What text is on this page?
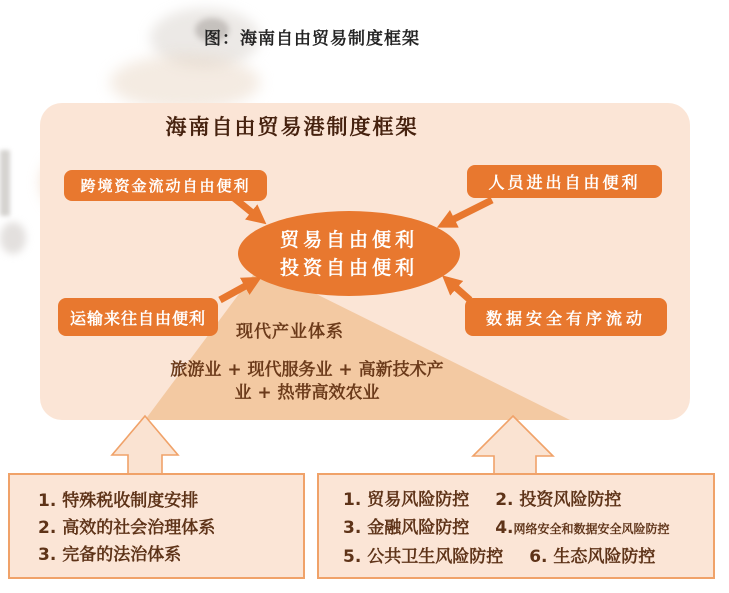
图：海南自由贸易制度框架
海南自由贸易港制度框架
贸易自由便利
投资自由便利
跨境资金流动自由便利	人员进出自由便利
运输来往自由便利	数据安全有序流动
现代产业体系
旅游业 + 现代服务业 + 高新技术产
业 + 热带高效农业
1. 特殊税收制度安排
2. 高效的社会治理体系
3. 完备的法治体系
1. 贸易风险防控 2. 投资风险防控
3. 金融风险防控 4. 网络安全和数据安全风险防控
5. 公共卫生风险防控 6. 生态风险防控
